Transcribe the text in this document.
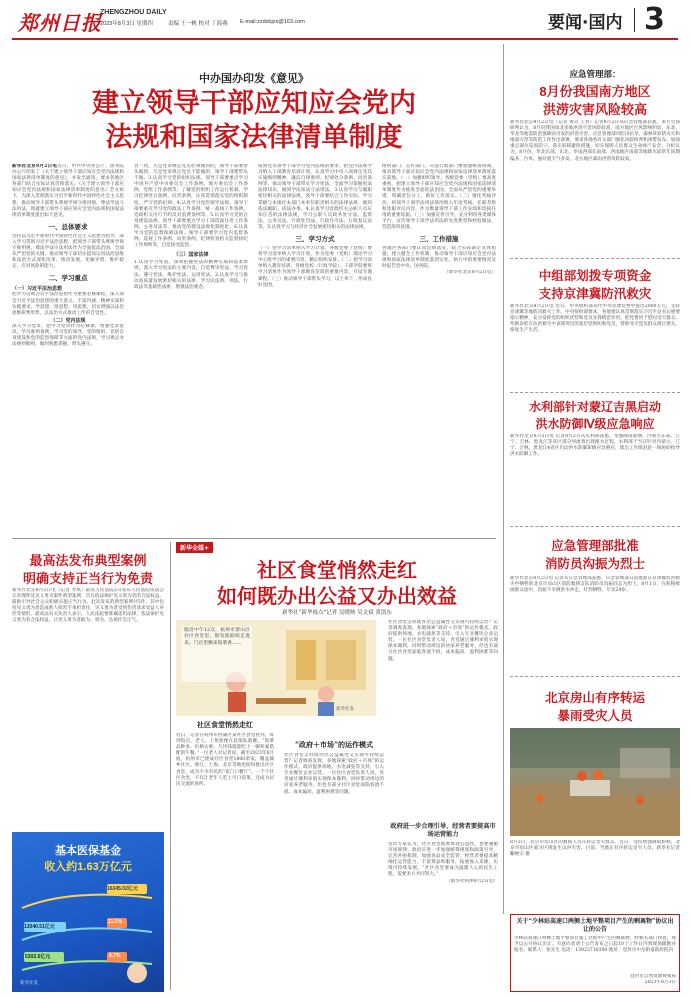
郑州日报
ZHENGZHOU DAILY
2023年8月3日 星期四	责编 王一帆 校对 丁海燕 E-mail:zzdsbjzx@163.com	要闻·国内 3
中办国办印发《意见》
建立领导干部应知应会党内
法规和国家法律清单制度
新华社北京8月2日电近日，中共中央办公厅、国务院办公厅印发了《关于建立领导干部应知应会党内法规和国家法律清单制度的意见》，并发出通知，要求各地区各部门结合实际认真贯彻落实。《关于建立领导干部应知应会党内法规和国家法律清单制度的意见》全文如下。为深入贯彻落实习近平新时代中国特色社会主义思想，推动领导干部带头尊规学规守规用规、尊法学法守法用法，现就建立领导干部应知应会党内法规和国家法律清单制度提出如下意见。
一、总体要求
坚持以习近平新时代中国特色社会主义思想为指导，深入学习贯彻习近平法治思想，把领导干部带头尊规学规守规用规、尊法学法守法用法作为全面依法治国、全面从严治党的关键，推动领导干部切实提高运用法治思维和法治方式深化改革、推动发展、化解矛盾、维护稳定、应对风险的能力。
二、学习重点
（一）习近平法治思想
把学习贯彻习近平法治思想作为重要必修课程，深入领会习近平法治思想的重大意义、丰富内涵、精神实质和实践要求，学思想、悟思想、用思想，切实增强以法治思维研判形势、以法治方式推动工作的自觉性。
（二）党内法规
深入学习党章，把学习党章作为必修课，增强党章意识，学习准则条例，学习党的领导、党的组织、党的自身建设和党的监督保障等方面的党内法规，学习规定办法规则细则，做到熟悉掌握、带头遵守。
容一致。凡是党章规定党员必须做到的，领导干部要带头做到。凡是党章规定党员不能做的，领导干部要带头不做。3.认真学习党的组织法规。领导干部要重点学习中国共产党中央委员会工作条例、地方委员会工作条例、党组工作条例等，了解党的组织工作运行机制。学习纪律处分条例、问责条例，认真贯彻落实党的组织制度，严守党的纪律。4.认真学习党的领导法规。领导干部要重点学习党的政法工作条例、统一战线工作条例、党政机关厉行节约反对浪费条例等。5.认真学习党的自身建设法规。领导干部要重点学习干部选拔任用工作条例、公务员法等，推动党的建设法规化制度化。6.认真学习党的监督保障法规。领导干部要学习党内监督条例、巡视工作条例、问责条例、纪律检查机关监督执纪工作规则等，自觉接受监督。
（三）国家法律
1.认真学习宪法。深刻把握宪法的精神实质和基本原则，深入学习宪法的主要内容，自觉尊崇宪法、学习宪法、遵守宪法、维护宪法、运用宪法。2.认真学习与推动高质量发展密切相关的法律，学习民法典、刑法、行政法等基础性法律，增强法治观念。
按照党员领导干部学习党内法规的要求，把党内法规学习纳入干部教育培训计划，认真学习中央八项规定及其实施细则精神、廉洁自律准则、纪律处分条例、问责条例等。推动领导干部带头学习宪法，全面学习掌握宪法法律知识，做到学法知法守法用法。3.认真学习与履职密切相关的法律法规。领导干部要结合工作实际，学习掌握与本地区本部门本单位职责相关的法律法规，做到依法履职、依法办事。4.认真学习党政机关公职人员应知应会的法律法规，学习公职人员政务处分法、监察法、公务员法、行政处罚法、行政许可法、行政复议法等。5.认真学习与经济社会发展密切相关的法律法规。
三、学习方式
（一）把学习清单纳入学习计划。各级党委（党组）要将学习清单纳入学习计划，作为党委（党组）理论学习中心组学习的重要内容，精心组织安排。（二）把学习清单纳入教育培训。各级党校（行政学院）、干部学院要将学习清单作为领导干部教育培训的重要内容，开设专题课程。（三）推动领导干部带头学习，以上率下，形成良好氛围。
组织部门、宣传部门、司法行政部门要加强统筹协调，推动领导干部应知应会党内法规和国家法律清单制度落实落地。（一）加强组织领导。各级党委（党组）要高度重视，把建立领导干部应知应会党内法规和国家法律清单制度作为推进全面依法治国、全面从严治党的重要举措，明确责任分工，抓好工作落实。（二）强化考核评价。将领导干部学法用法情况纳入年度考核、任职考察和述职评议内容，作为衡量领导干部工作实绩和选拔任用的重要依据。（三）加强宣传引导。充分利用各类媒体平台，宣传领导干部学法用法的先进典型和经验做法，营造浓厚氛围。
三、工作措施
各地区各部门要认真贯彻落实，结合实际制定具体措施，建立健全工作机制，推动领导干部应知应会党内法规和国家法律清单制度落到实处。执行中的重要情况及时报告党中央、国务院。
（新华社北京8月2日电）
应急管理部：
8月份我国南方地区
洪涝灾害风险较高
新华社北京8月2日电（记者 黄垚 王春）记者8月2日从应急管理部获悉，多方会商研判认为，8月份我国南北多地洪涝灾害风险较高，南方地区台风影响明显，东北、华北等地需防范强降雨引发的洪涝灾害。应急管理部对防汛抗旱、森林草原防灭火和地质灾害等防范工作作出部署，要求各地各有关部门强化风险研判和预警发布，加强重点部位巡查防守，落实转移避险措施，切实保障人民群众生命财产安全。分析认为，8月份，华北东部、东北、华南西部东南部、西南地区南部等地降水较常年同期偏多，台风、强对流天气多发，北方地区暴雨洪涝风险较高。
中组部划拨专项资金
支持京津冀防汛救灾
新华社北京8月2日电 近日，中央组织部从代中央管理党费中拨出2000万元，支持京津冀等地防汛救灾工作。中央组织部要求，各地要认真贯彻落实习近平总书记重要指示精神，充分发挥党的组织优势和党员先锋模范作用，把党费用于慰问受灾群众、奖励表彰在抗洪救灾中表现突出的基层党组织和党员，帮助受灾党员群众渡过难关、恢复生产生活。
水利部针对蒙辽吉黑启动
洪水防御Ⅳ级应急响应
新华社北京8月2日电 记者8月2日从水利部获悉，受强降雨影响，内蒙古东部、辽宁、吉林、黑龙江等省区部分河流将出现涨水过程。水利部于当日针对内蒙古、辽宁、吉林、黑龙江4省区启动洪水防御Ⅳ级应急响应，派出工作组赶赴一线协助指导洪水防御工作。
应急管理部批准
消防员沟振为烈士
新华社北京8月2日电 记者从应急管理部获悉，应急管理部日前批准在京津冀抗洪救灾中牺牲的北京市房山区消防救援支队消防员沟振同志为烈士。8月1日，在转移被困群众途中，沟振不幸被洪水冲走，壮烈牺牲，年仅24岁。
北京房山有序转运
暴雨受灾人员
8月2日，北京市房山区的救援人员在转运受灾群众。近日，受持续强降雨影响，北京市房山区部分区域发生山洪灾害。目前，当地正有序转运受灾人员。新华社记者 鞠焕宗 摄
关于“少林站高速口两侧土地平整项目产生的剩离物”协议出让的公告
少林站高速口两侧土地平整项目施工过程中产生的剩离物，经相关部门同意，现予以公开协议出让。有意向者请于公告发布之日起10个工作日内到现场踏勘并报名。联系人：张先生 电话：13923710300 地址：登封市中岳街道政府院内
登封市自然资源规划局
2023年8月3日
最高法发布典型案例
明确支持正当行为免责
新华社北京8月2日电（记者 齐琪）最高人民法院2日发布人民法院依法公正审理涉及见义勇为案件典型案例，旨在依法保护见义勇为者的合法权益，鼓励引导社会公众积极实施正当行为。此次发布的典型案例共5件，其中包括见义勇为者造成他人损害不承担责任、见义勇为者受到伤害请求受益人补偿等情形。最高法有关负责人表示，人民法院要准确适用法律，依法保护见义勇为者合法权益，让见义勇为者敢为、勇为，弘扬社会正气。
基本医保基金
收入约1.63万亿元
16345.02亿元
13040.51亿元
11.2%
5302.5亿元	0.7%
新华社发
新华全媒+
社区食堂悄然走红
如何既办出公益又办出效益
新华社“新华视点”记者 吴晓帅 吴文斌 黄凯东
临近中午12点，杭州市萧山区社区食堂里，银发族陆续走进来。门店里飘来饭菜香……
新华社发
社区食堂悄然走红
近日，记者在杭州市西湖区某社区食堂看到，每到饭点，老人、上班族便在此排队就餐。“饭菜品种多、价格实惠，几块钱就能吃上一顿荤素搭配的午餐。”一位老人对记者说。截至2023年6月底，杭州市已建成社区食堂1800余家，覆盖城乡社区。浙江、上海、北京等地也纷纷推出社区食堂，成为不少市民的“家门口餐厅”。一个个社区食堂，不仅让老年人吃上可口饭菜，还成为居民交流的场所。
“政府＋市场”的运作模式
社区食堂怎样既办出公益属性又实现可持续运营？记者调查发现，多地探索“政府＋市场”的运作模式。政府提供场地、水电减免等支持，引入专业餐饮企业运营。一位社区食堂负责人说，食堂通过薄利多销实现保本微利，同时带动周边的居家养老服务。但也有部分社区食堂面临客流不稳、成本偏高、盈利困难等问题。
社区食堂怎样既办出公益属性又实现可持续运营？记者调查发现，多地探索“政府＋市场”的运作模式。政府提供场地、水电减免等支持，引入专业餐饮企业运营。一位社区食堂负责人说，食堂通过薄利多销实现保本微利，同时带动周边的居家养老服务。但也有部分社区食堂面临客流不稳、成本偏高、盈利困难等问题。
政府进一步合理引导，经营者要提高市场运营能力
受访专家认为，社区食堂既要体现公益性，也要遵循市场规律。政府应进一步加强统筹规划和政策引导，完善补贴机制，加强食品安全监管；经营者要提高精细化运营能力，丰富菜品和服务，拓展收入来源，实现可持续发展。“社区食堂要成为温暖人心的民生工程，需要多方共同努力。”
（新华社杭州8月2日电）
